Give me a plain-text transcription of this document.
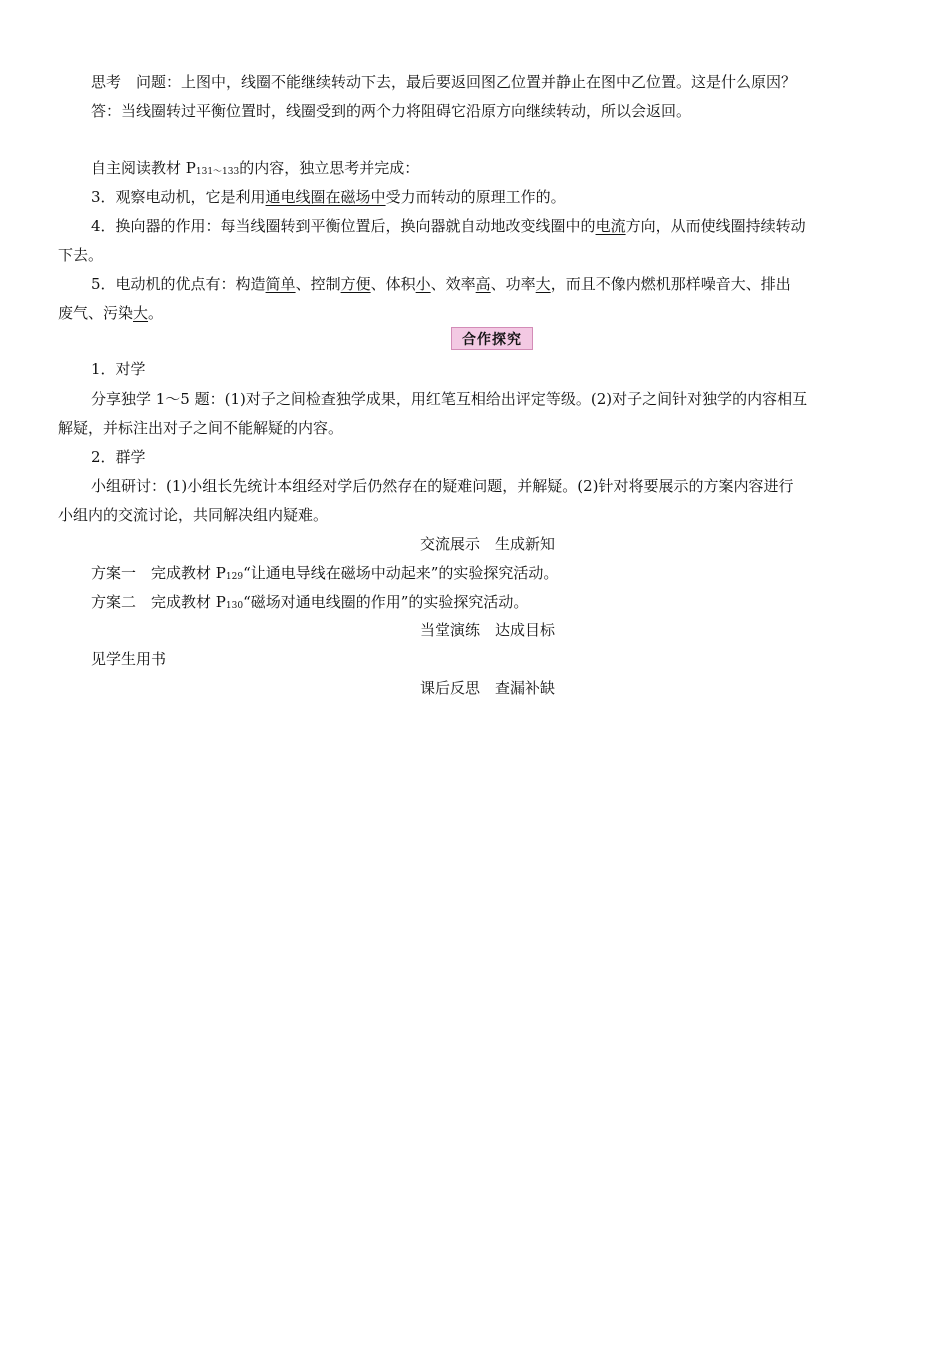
思考　 问题：上图中，线圈不能继续转动下去，最后要返回图乙位置并静止在图中乙位置。这是什么原因？
答：当线圈转过平衡位置时，线圈受到的两个力将阻碍它沿原方向继续转动，所以会返回。
自主阅读教材 P131～133的内容，独立思考并完成：
3．观察电动机，它是利用通电线圈在磁场中受力而转动的原理工作的。
4．换向器的作用：每当线圈转到平衡位置后，换向器就自动地改变线圈中的电流方向，从而使线圈持续转动
下去。
5．电动机的优点有：构造简单、控制方便、体积小、效率高、功率大，而且不像内燃机那样噪音大、排出
废气、污染大。
合作探究
1．对学
分享独学 1～5 题：(1)对子之间检查独学成果，用红笔互相给出评定等级。(2)对子之间针对独学的内容相互
解疑，并标注出对子之间不能解疑的内容。
2．群学
小组研讨：(1)小组长先统计本组经对学后仍然存在的疑难问题，并解疑。(2)针对将要展示的方案内容进行
小组内的交流讨论，共同解决组内疑难。
交流展示　生成新知
方案一　 完成教材 P129“让通电导线在磁场中动起来”的实验探究活动。
方案二　 完成教材 P130“磁场对通电线圈的作用”的实验探究活动。
当堂演练　达成目标
见学生用书
课后反思　查漏补缺
